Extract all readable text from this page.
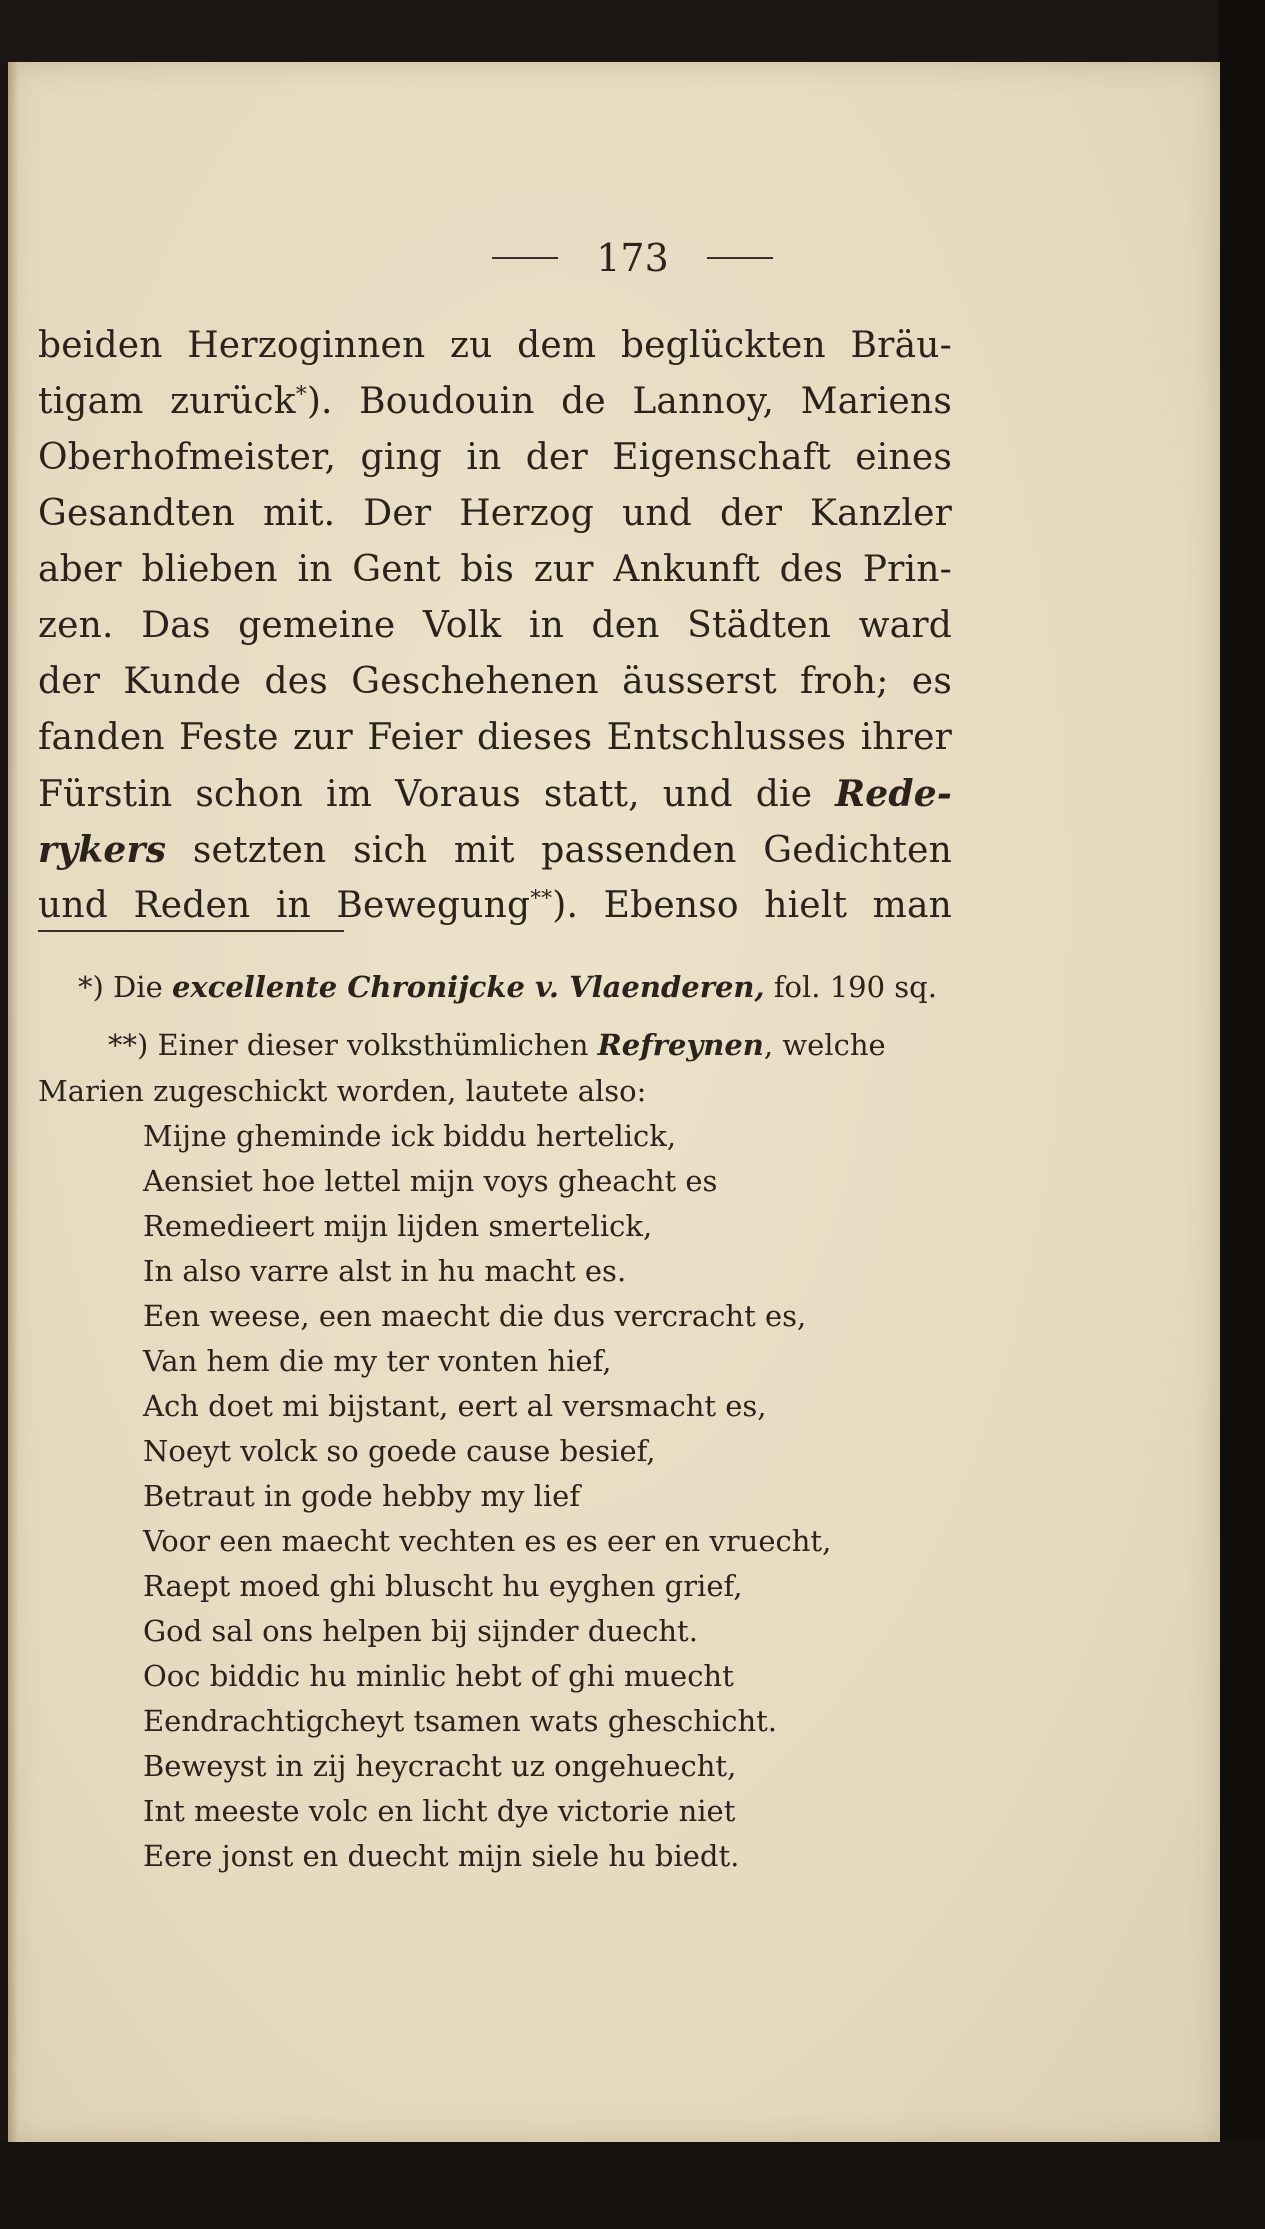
173
beiden Herzoginnen zu dem beglückten Bräu-
tigam zurück*). Boudouin de Lannoy, Mariens
Oberhofmeister, ging in der Eigenschaft eines
Gesandten mit. Der Herzog und der Kanzler
aber blieben in Gent bis zur Ankunft des Prin-
zen. Das gemeine Volk in den Städten ward
der Kunde des Geschehenen äusserst froh; es
fanden Feste zur Feier dieses Entschlusses ihrer
Fürstin schon im Voraus statt, und die Rede-
rykers setzten sich mit passenden Gedichten
und Reden in Bewegung**). Ebenso hielt man
*) Die excellente Chronijcke v. Vlaenderen, fol. 190 sq.
**) Einer dieser volksthümlichen Refreynen, welche
Marien zugeschickt worden, lautete also:
Mijne gheminde ick biddu hertelick,
Aensiet hoe lettel mijn voys gheacht es
Remedieert mijn lijden smertelick,
In also varre alst in hu macht es.
Een weese, een maecht die dus vercracht es,
Van hem die my ter vonten hief,
Ach doet mi bijstant, eert al versmacht es,
Noeyt volck so goede cause besief,
Betraut in gode hebby my lief
Voor een maecht vechten es es eer en vruecht,
Raept moed ghi bluscht hu eyghen grief,
God sal ons helpen bij sijnder duecht.
Ooc biddic hu minlic hebt of ghi muecht
Eendrachtigcheyt tsamen wats gheschicht.
Beweyst in zij heycracht uz ongehuecht,
Int meeste volc en licht dye victorie niet
Eere jonst en duecht mijn siele hu biedt.
